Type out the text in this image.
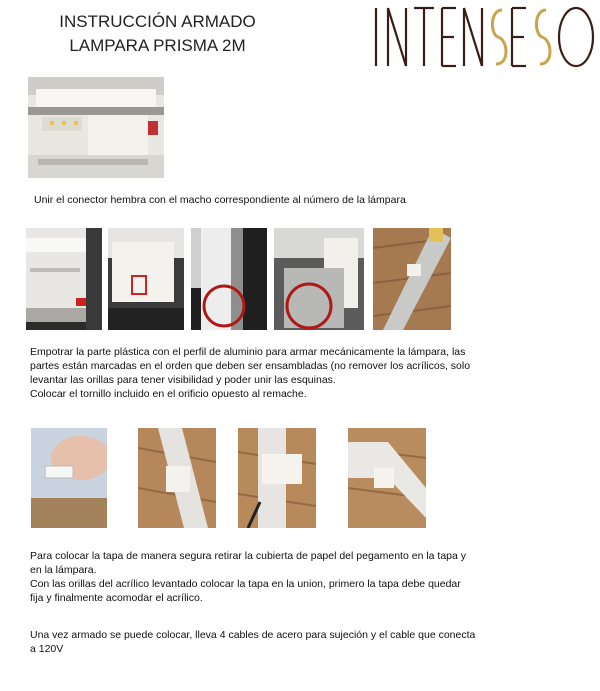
INSTRUCCIÓN ARMADO
LAMPARA PRISMA 2M
Unir el conector hembra con el macho correspondiente al número de la lámpara
Empotrar la parte plástica con el perfil de aluminio para armar mecánicamente la lámpara, las
partes están marcadas en el orden que deben ser ensambladas (no remover los acrílicos, solo
levantar las orillas para tener visibilidad y poder unir las esquinas.
Colocar el tornillo incluido en el orificio opuesto al remache.
Para colocar la tapa de manera segura retirar la cubierta de papel del pegamento en la tapa y
en la lámpara.
Con las orillas del acrílico levantado colocar la tapa en la union, primero la tapa debe quedar
fija y finalmente acomodar el acrílico.
Una vez armado se puede colocar, lleva 4 cables de acero para sujeción y el cable que conecta
a 120V
